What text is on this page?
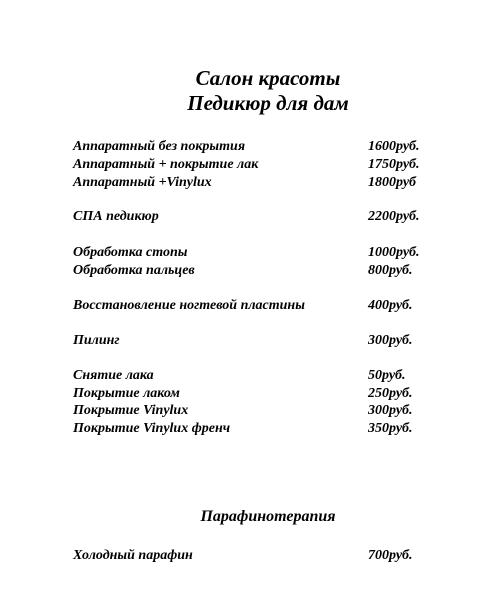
Салон красоты
Педикюр для дам
Аппаратный без покрытия	1600руб.
Аппаратный + покрытие лак	1750руб.
Аппаратный +Vinylux	1800руб
СПА педикюр	2200руб.
Обработка стопы	1000руб.
Обработка пальцев	800руб.
Восстановление ногтевой пластины	400руб.
Пилинг	300руб.
Снятие лака	50руб.
Покрытие лаком	250руб.
Покрытие Vinylux	300руб.
Покрытие Vinylux френч	350руб.
Парафинотерапия
Холодный парафин	700руб.
